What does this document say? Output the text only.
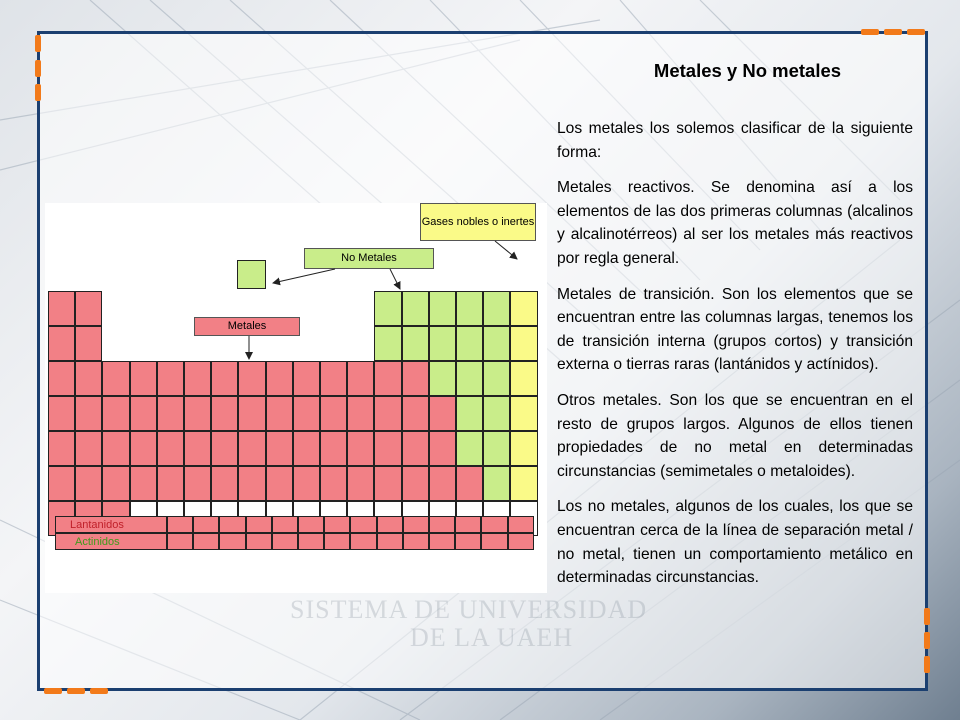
SISTEMA DE UNIVERSIDAD
DE LA UAEH
Metales y No metales

Los metales los solemos clasificar de la siguiente forma:

Metales reactivos. Se denomina así a los elementos de las dos primeras columnas (alcalinos y alcalinotérreos) al ser los metales más reactivos por regla general.

Metales de transición. Son los elementos que se encuentran entre las columnas largas, tenemos los de transición interna (grupos cortos) y transición externa o tierras raras (lantánidos y actínidos).

Otros metales. Son los que se encuentran en el resto de grupos largos. Algunos de ellos tienen propiedades de no metal en determinadas circunstancias (semimetales o metaloides).

Los no metales, algunos de los cuales, los que se encuentran cerca de la línea de separación metal / no metal, tienen un comportamiento metálico en determinadas circunstancias.

Gases nobles o inertes
No Metales
Metales
Lantanidos
Actinidos
